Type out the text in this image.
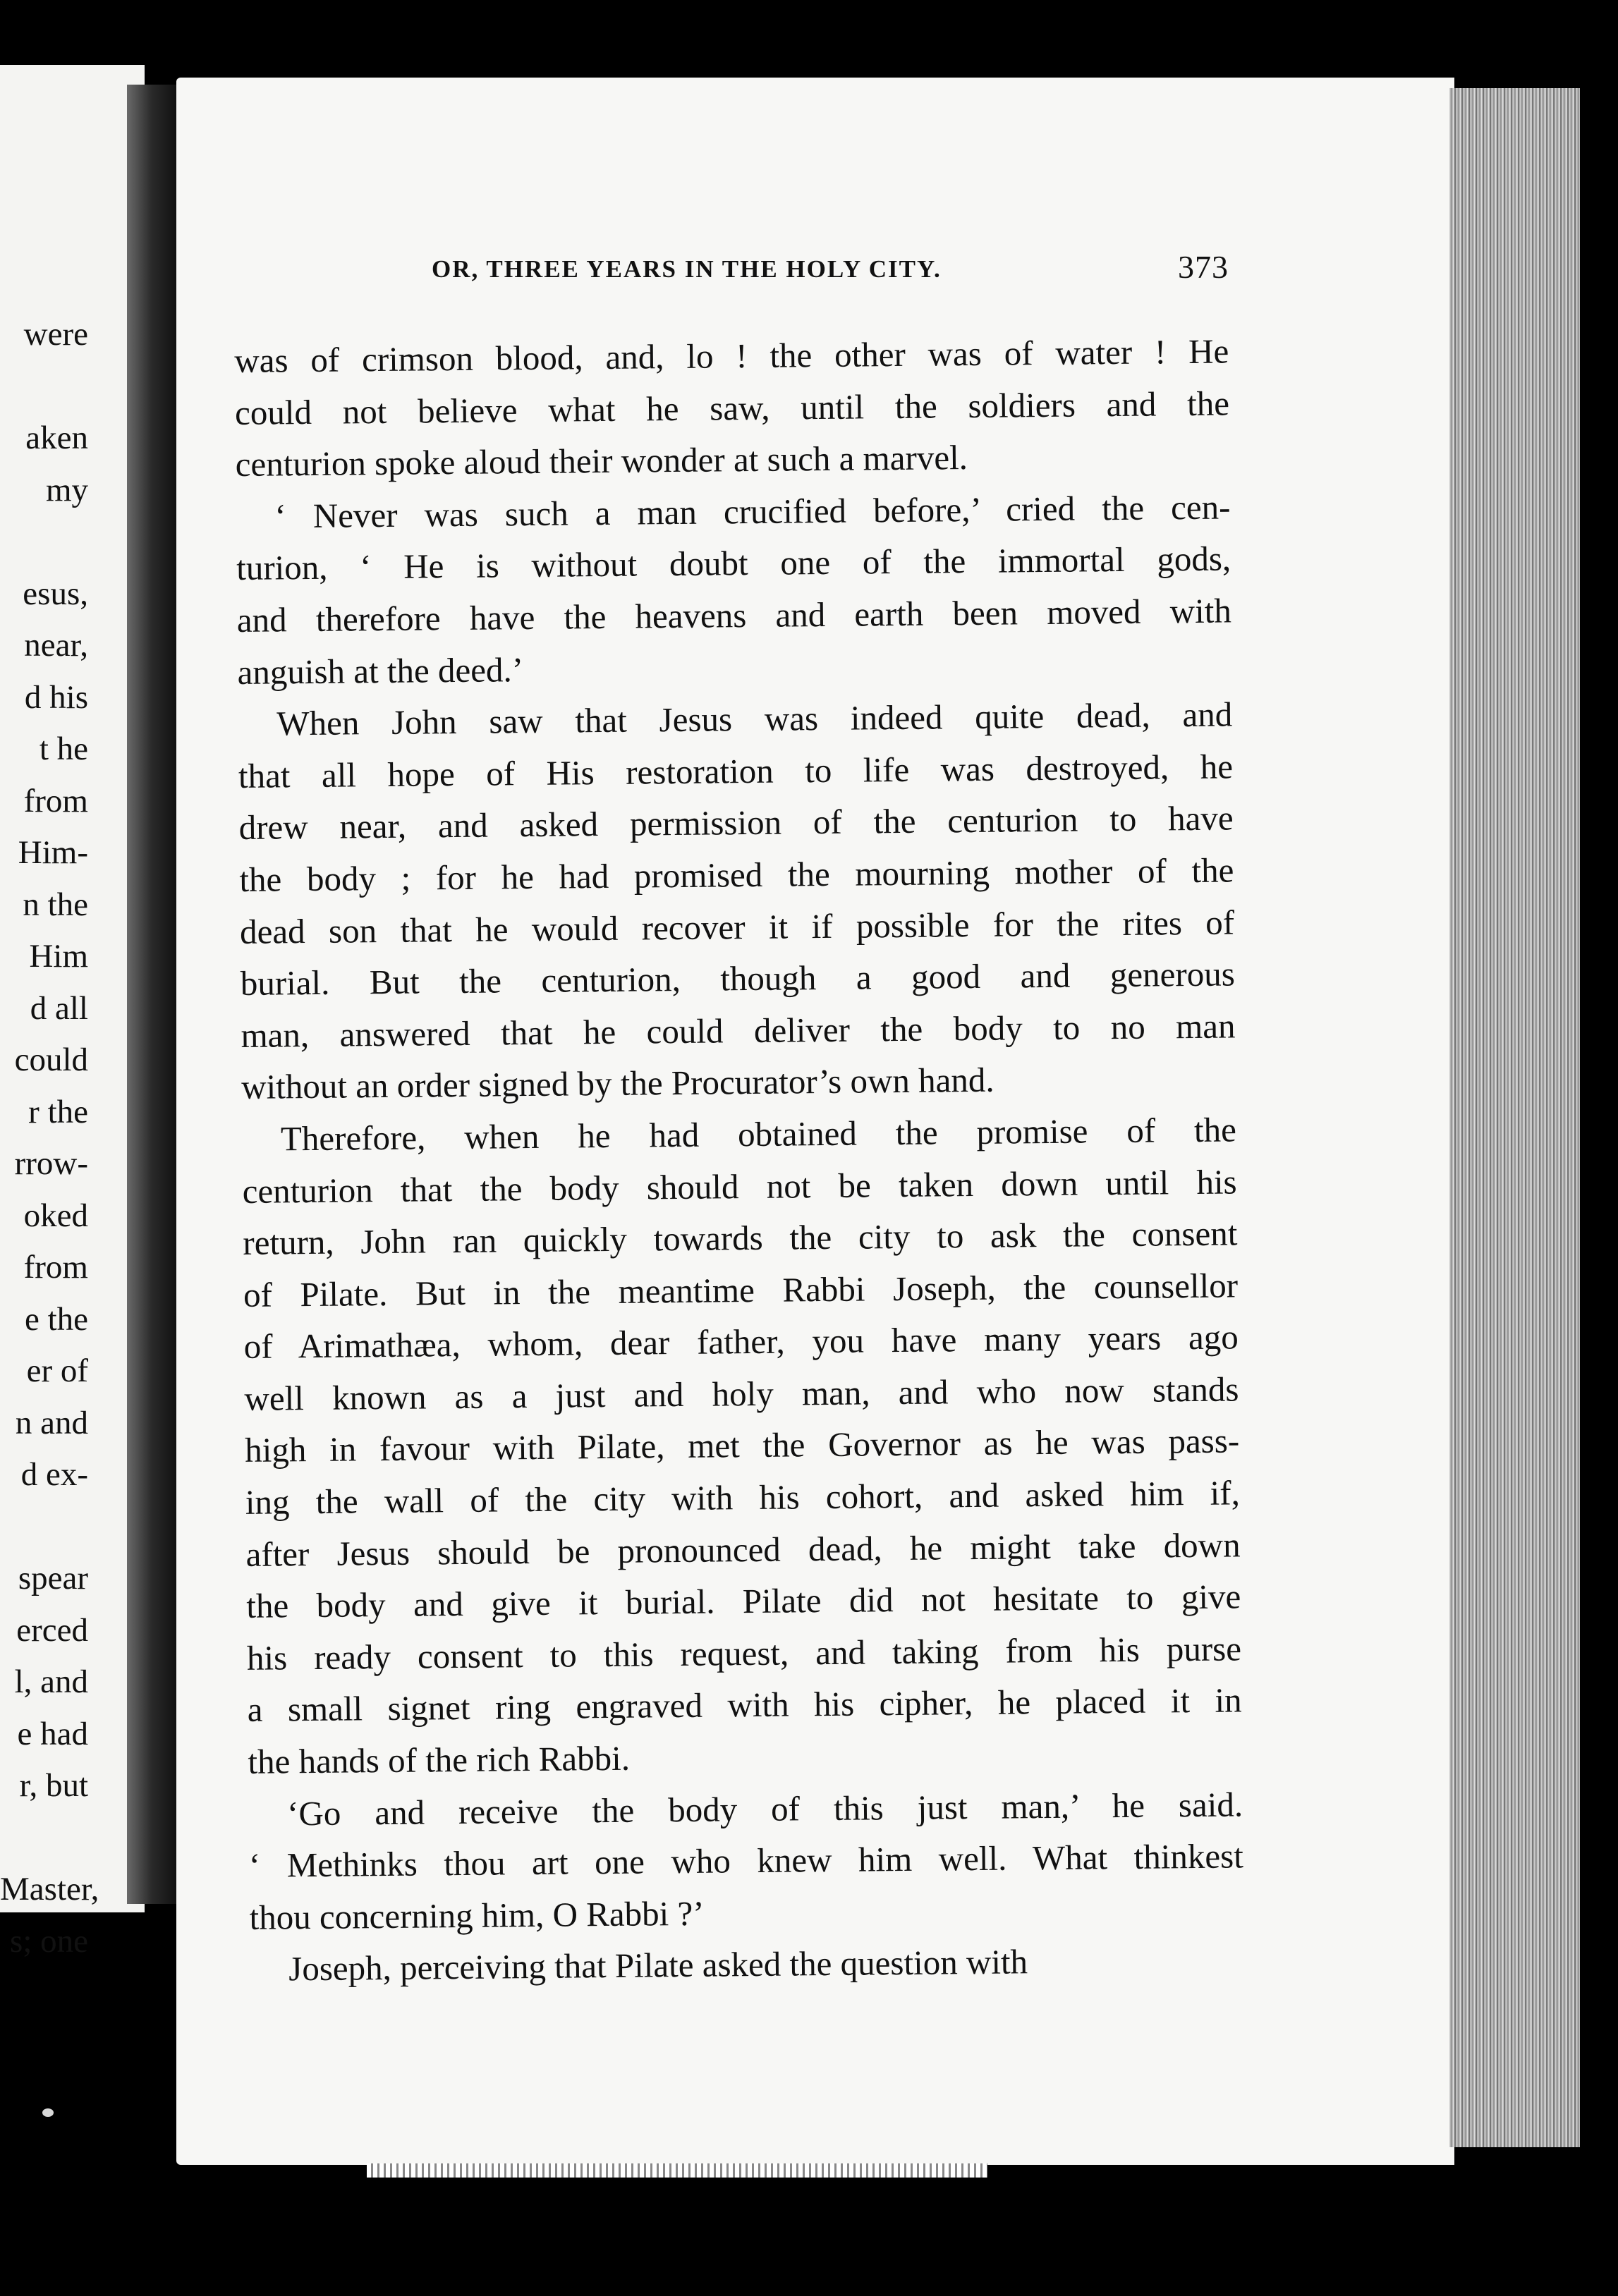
were
aken
my
esus,
near,
d his
t he
from
Him-
n the
Him
d all
could
r the
rrow-
oked
from
e the
er of
n and
d ex-
spear
erced
l, and
e had
r, but
Master,
s; one
OR, THREE YEARS IN THE HOLY CITY.	373

was of crimson blood, and, lo ! the other was of water ! He
could not believe what he saw, until the soldiers and the
centurion spoke aloud their wonder at such a marvel.

‘ Never was such a man crucified before,’ cried the cen-
turion, ‘ He is without doubt one of the immortal gods,
and therefore have the heavens and earth been moved with
anguish at the deed.’

When John saw that Jesus was indeed quite dead, and
that all hope of His restoration to life was destroyed, he
drew near, and asked permission of the centurion to have
the body ; for he had promised the mourning mother of the
dead son that he would recover it if possible for the rites of
burial. But the centurion, though a good and generous
man, answered that he could deliver the body to no man
without an order signed by the Procurator’s own hand.

Therefore, when he had obtained the promise of the
centurion that the body should not be taken down until his
return, John ran quickly towards the city to ask the consent
of Pilate. But in the meantime Rabbi Joseph, the counsellor
of Arimathæa, whom, dear father, you have many years ago
well known as a just and holy man, and who now stands
high in favour with Pilate, met the Governor as he was pass-
ing the wall of the city with his cohort, and asked him if,
after Jesus should be pronounced dead, he might take down
the body and give it burial. Pilate did not hesitate to give
his ready consent to this request, and taking from his purse
a small signet ring engraved with his cipher, he placed it in
the hands of the rich Rabbi.

‘Go and receive the body of this just man,’ he said.
‘ Methinks thou art one who knew him well. What thinkest
thou concerning him, O Rabbi ?’

Joseph, perceiving that Pilate asked the question with
